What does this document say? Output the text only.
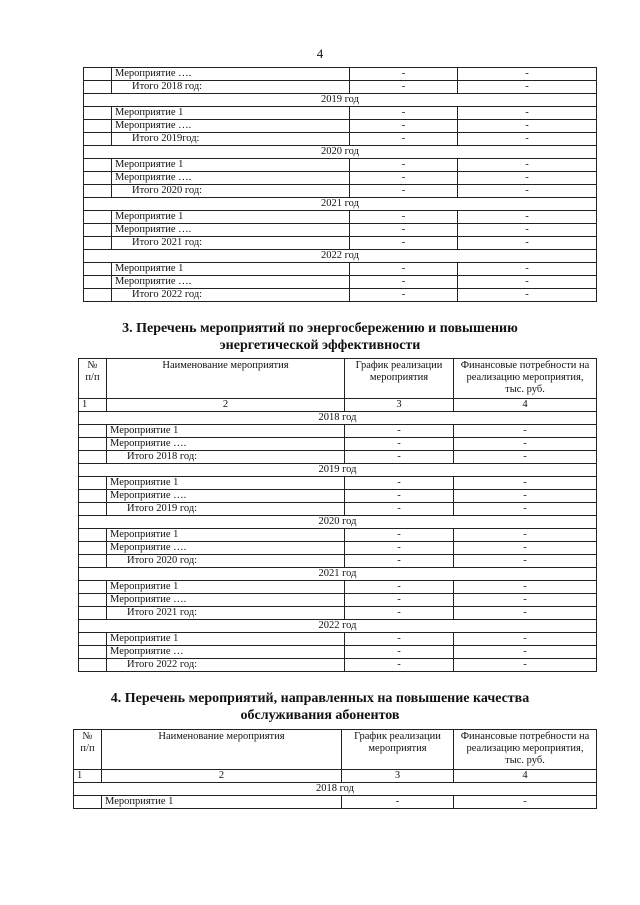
4
	Мероприятие ….	-	-
	Итого 2018 год:	-	-
2019 год			
	Мероприятие 1	-	-
	Мероприятие ….	-	-
	Итого 2019год:	-	-
2020 год			
	Мероприятие 1	-	-
	Мероприятие ….	-	-
	Итого 2020 год:	-	-
2021 год			
	Мероприятие 1	-	-
	Мероприятие ….	-	-
	Итого 2021 год:	-	-
2022 год			
	Мероприятие 1	-	-
	Мероприятие ….	-	-
	Итого 2022 год:	-	-
3. Перечень мероприятий по энергосбережению и повышению
энергетической эффективности
№ п/п	Наименование мероприятия	График реализации мероприятия	Финансовые потребности на реализацию мероприятия, тыс. руб.
1	2	3	4
2018 год			
	Мероприятие 1	-	-
	Мероприятие ….	-	-
	Итого 2018 год:	-	-
2019 год			
	Мероприятие 1	-	-
	Мероприятие ….	-	-
	Итого 2019 год:	-	-
2020 год			
	Мероприятие 1	-	-
	Мероприятие ….	-	-
	Итого 2020 год:	-	-
2021 год			
	Мероприятие 1	-	-
	Мероприятие ….	-	-
	Итого 2021 год:	-	-
2022 год			
	Мероприятие 1	-	-
	Мероприятие …	-	-
	Итого 2022 год:	-	-
4. Перечень мероприятий, направленных на повышение качества
обслуживания абонентов
№ п/п	Наименование мероприятия	График реализации мероприятия	Финансовые потребности на реализацию мероприятия, тыс. руб.
1	2	3	4
2018 год			
	Мероприятие 1	-	-
